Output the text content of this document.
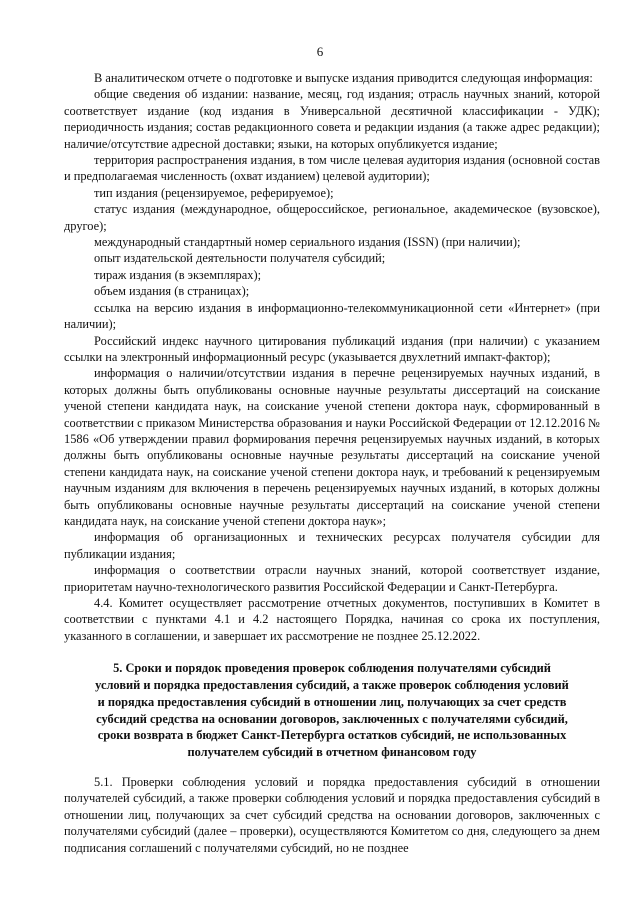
6

В аналитическом отчете о подготовке и выпуске издания приводится следующая информация:

общие сведения об издании: название, месяц, год издания; отрасль научных знаний, которой соответствует издание (код издания в Универсальной десятичной классификации - УДК); периодичность издания; состав редакционного совета и редакции издания (а также адрес редакции); наличие/отсутствие адресной доставки; языки, на которых опубликуется издание;

территория распространения издания, в том числе целевая аудитория издания (основной состав и предполагаемая численность (охват изданием) целевой аудитории);

тип издания (рецензируемое, реферируемое);

статус издания (международное, общероссийское, региональное, академическое (вузовское), другое);

международный стандартный номер сериального издания (ISSN) (при наличии);

опыт издательской деятельности получателя субсидий;

тираж издания (в экземплярах);

объем издания (в страницах);

ссылка на версию издания в информационно-телекоммуникационной сети «Интернет» (при наличии);

Российский индекс научного цитирования публикаций издания (при наличии) с указанием ссылки на электронный информационный ресурс (указывается двухлетний импакт-фактор);

информация о наличии/отсутствии издания в перечне рецензируемых научных изданий, в которых должны быть опубликованы основные научные результаты диссертаций на соискание ученой степени кандидата наук, на соискание ученой степени доктора наук, сформированный в соответствии с приказом Министерства образования и науки Российской Федерации от 12.12.2016 № 1586 «Об утверждении правил формирования перечня рецензируемых научных изданий, в которых должны быть опубликованы основные научные результаты диссертаций на соискание ученой степени кандидата наук, на соискание ученой степени доктора наук, и требований к рецензируемым научным изданиям для включения в перечень рецензируемых научных изданий, в которых должны быть опубликованы основные научные результаты диссертаций на соискание ученой степени кандидата наук, на соискание ученой степени доктора наук»;

информация об организационных и технических ресурсах получателя субсидии для публикации издания;

информация о соответствии отрасли научных знаний, которой соответствует издание, приоритетам научно-технологического развития Российской Федерации и Санкт-Петербурга.

4.4. Комитет осуществляет рассмотрение отчетных документов, поступивших в Комитет в соответствии с пунктами 4.1 и 4.2 настоящего Порядка, начиная со срока их поступления, указанного в соглашении, и завершает их рассмотрение не позднее 25.12.2022.

5. Сроки и порядок проведения проверок соблюдения получателями субсидий
условий и порядка предоставления субсидий, а также проверок соблюдения условий
и порядка предоставления субсидий в отношении лиц, получающих за счет средств
субсидий средства на основании договоров, заключенных с получателями субсидий,
сроки возврата в бюджет Санкт-Петербурга остатков субсидий, не использованных
получателем субсидий в отчетном финансовом году

5.1. Проверки соблюдения условий и порядка предоставления субсидий в отношении получателей субсидий, а также проверки соблюдения условий и порядка предоставления субсидий в отношении лиц, получающих за счет субсидий средства на основании договоров, заключенных с получателями субсидий (далее – проверки), осуществляются Комитетом со дня, следующего за днем подписания соглашений с получателями субсидий, но не позднее
